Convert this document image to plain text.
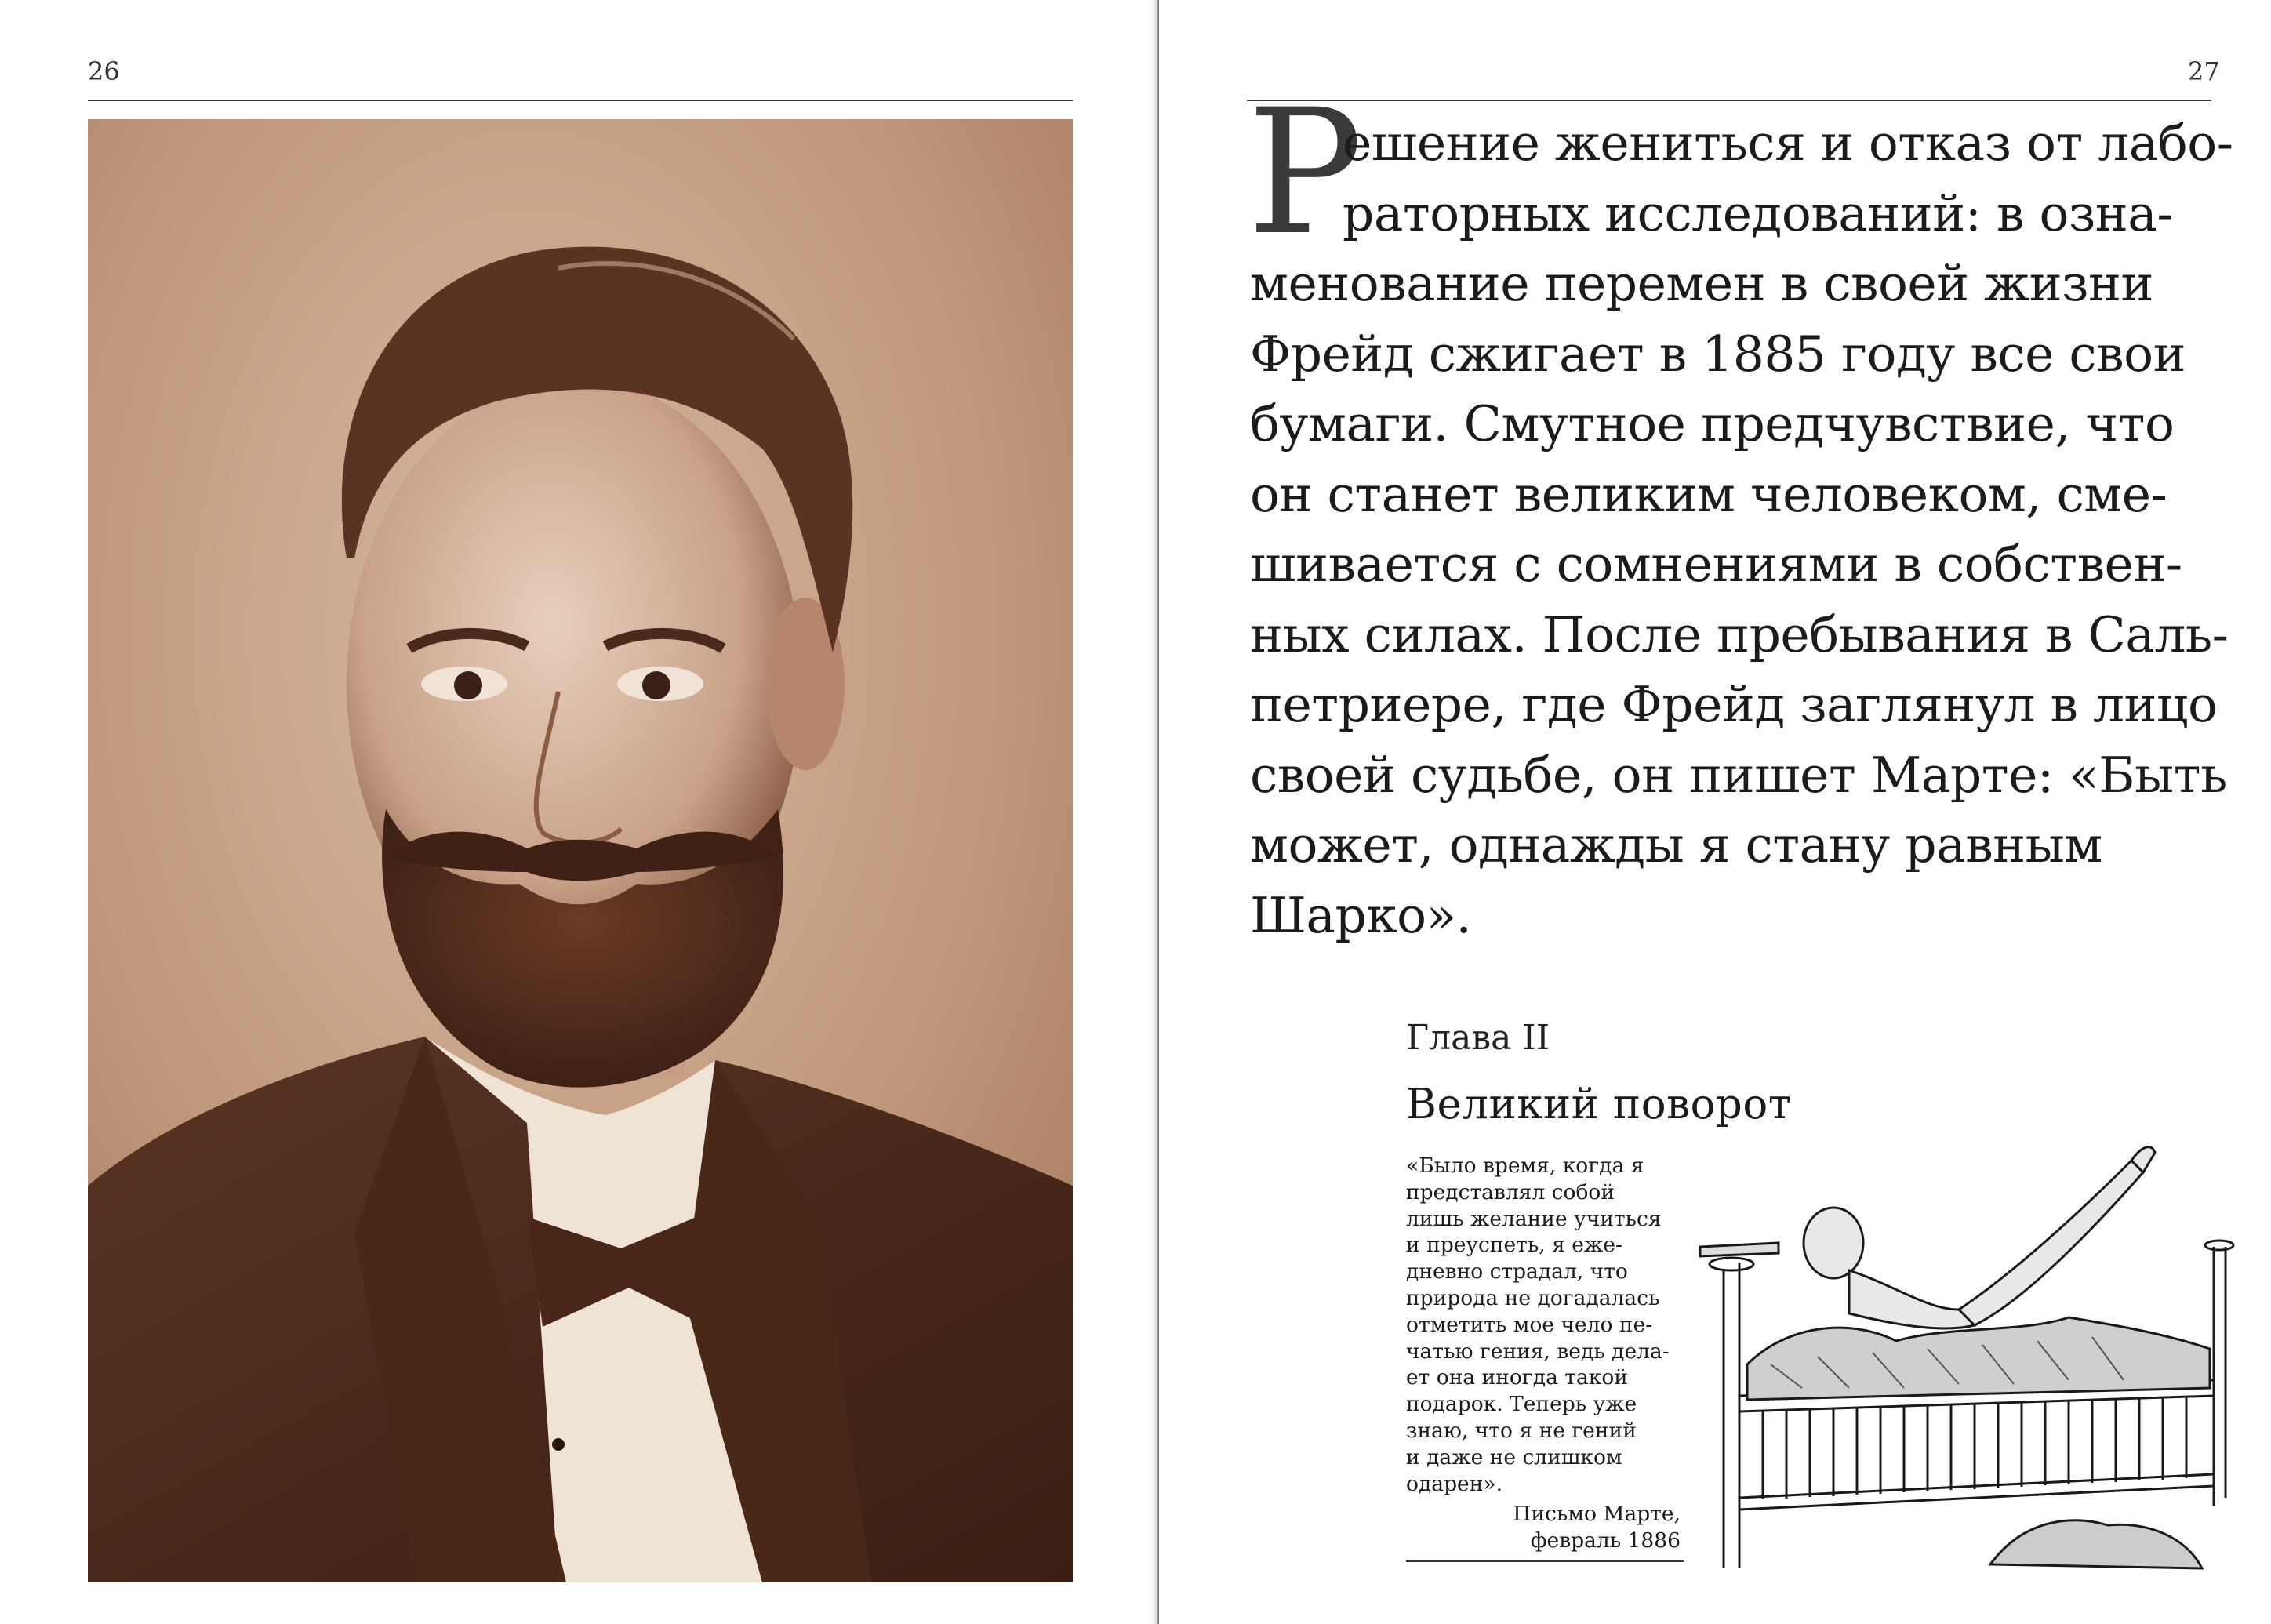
26	27
Р
ешение жениться и отказ от лабо-
раторных исследований: в озна-
менование перемен в своей жизни
Фрейд сжигает в 1885 году все свои
бумаги. Смутное предчувствие, что
он станет великим человеком, сме-
шивается с сомнениями в собствен-
ных силах. После пребывания в Саль-
петриере, где Фрейд заглянул в лицо
своей судьбе, он пишет Марте: «Быть
может, однажды я стану равным
Шарко».
Глава II
Великий поворот
«Было время, когда я
представлял собой
лишь желание учиться
и преуспеть, я еже-
дневно страдал, что
природа не догадалась
отметить мое чело пе-
чатью гения, ведь дела-
ет она иногда такой
подарок. Теперь уже
знаю, что я не гений
и даже не слишком
одарен».
Письмо Марте,
февраль 1886
